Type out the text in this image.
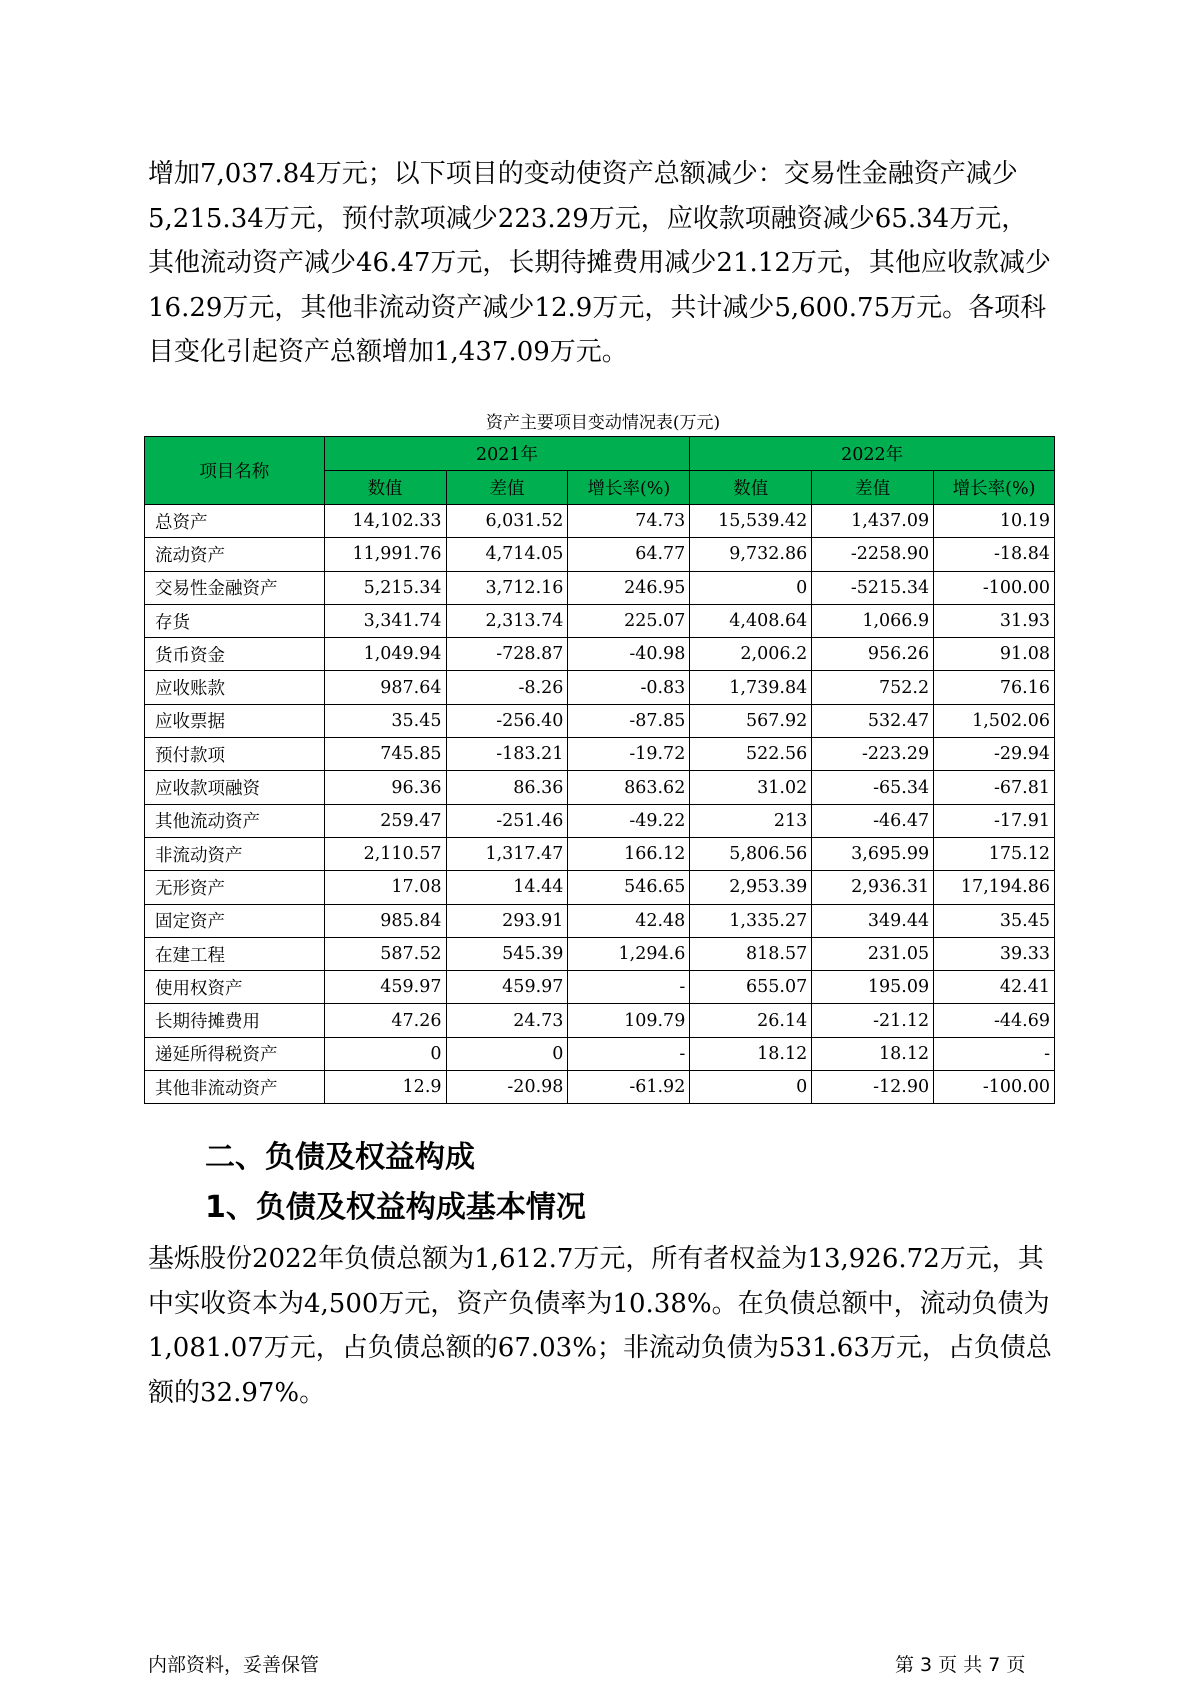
增加7,037.84万元；以下项目的变动使资产总额减少：交易性金融资产减少5,215.34万元，预付款项减少223.29万元，应收款项融资减少65.34万元，其他流动资产减少46.47万元，长期待摊费用减少21.12万元，其他应收款减少16.29万元，其他非流动资产减少12.9万元，共计减少5,600.75万元。各项科目变化引起资产总额增加1,437.09万元。

资产主要项目变动情况表(万元)
项目名称	2021年			2022年		
	数值	差值	增长率(%)	数值	差值	增长率(%)
总资产	14,102.33	6,031.52	74.73	15,539.42	1,437.09	10.19
流动资产	11,991.76	4,714.05	64.77	9,732.86	-2258.90	-18.84
交易性金融资产	5,215.34	3,712.16	246.95	0	-5215.34	-100.00
存货	3,341.74	2,313.74	225.07	4,408.64	1,066.9	31.93
货币资金	1,049.94	-728.87	-40.98	2,006.2	956.26	91.08
应收账款	987.64	-8.26	-0.83	1,739.84	752.2	76.16
应收票据	35.45	-256.40	-87.85	567.92	532.47	1,502.06
预付款项	745.85	-183.21	-19.72	522.56	-223.29	-29.94
应收款项融资	96.36	86.36	863.62	31.02	-65.34	-67.81
其他流动资产	259.47	-251.46	-49.22	213	-46.47	-17.91
非流动资产	2,110.57	1,317.47	166.12	5,806.56	3,695.99	175.12
无形资产	17.08	14.44	546.65	2,953.39	2,936.31	17,194.86
固定资产	985.84	293.91	42.48	1,335.27	349.44	35.45
在建工程	587.52	545.39	1,294.6	818.57	231.05	39.33
使用权资产	459.97	459.97	-	655.07	195.09	42.41
长期待摊费用	47.26	24.73	109.79	26.14	-21.12	-44.69
递延所得税资产	0	0	-	18.12	18.12	-
其他非流动资产	12.9	-20.98	-61.92	0	-12.90	-100.00
二、负债及权益构成
1、负债及权益构成基本情况

基烁股份2022年负债总额为1,612.7万元，所有者权益为13,926.72万元，其中实收资本为4,500万元，资产负债率为10.38%。在负债总额中，流动负债为1,081.07万元，占负债总额的67.03%；非流动负债为531.63万元，占负债总额的32.97%。

内部资料，妥善保管	第 3 页 共 7 页
